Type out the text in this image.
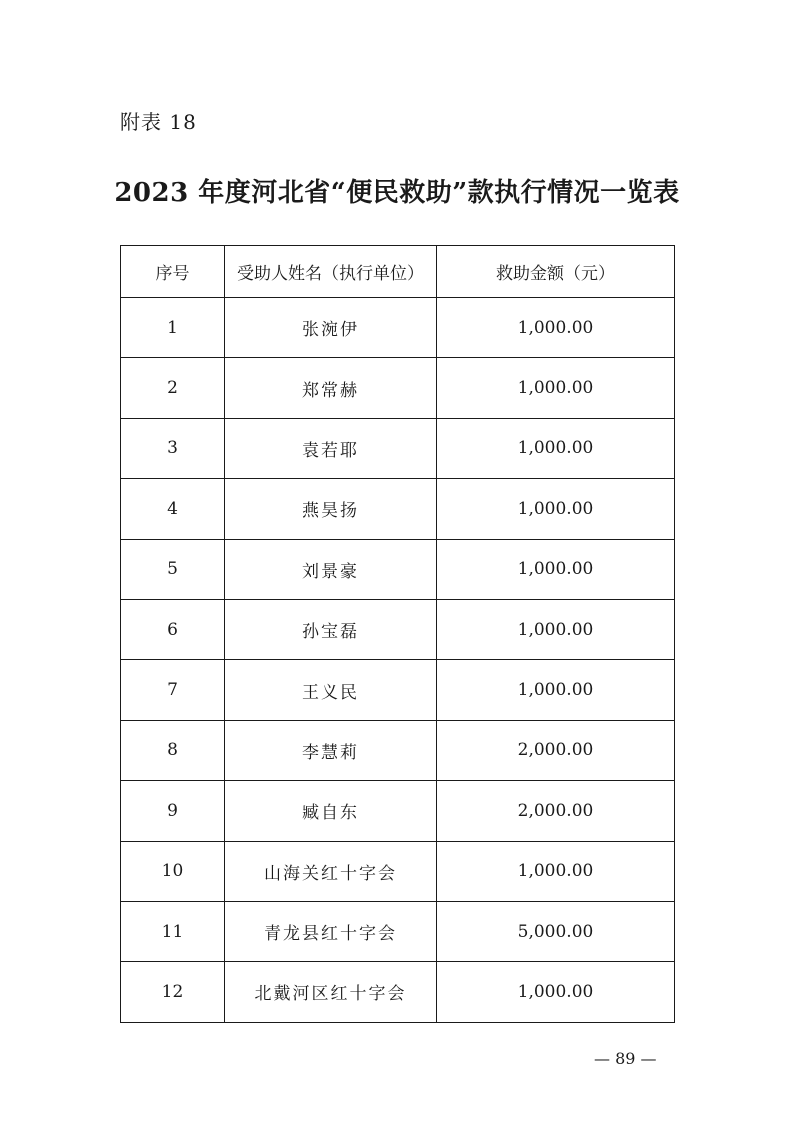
附表 18
2023 年度河北省“便民救助”款执行情况一览表
序号	受助人姓名（执行单位）	救助金额（元）
1	张涴伊	1,000.00
2	郑常赫	1,000.00
3	袁若耶	1,000.00
4	燕昊扬	1,000.00
5	刘景豪	1,000.00
6	孙宝磊	1,000.00
7	王义民	1,000.00
8	李慧莉	2,000.00
9	臧自东	2,000.00
10	山海关红十字会	1,000.00
11	青龙县红十字会	5,000.00
12	北戴河区红十字会	1,000.00
— 89 —
